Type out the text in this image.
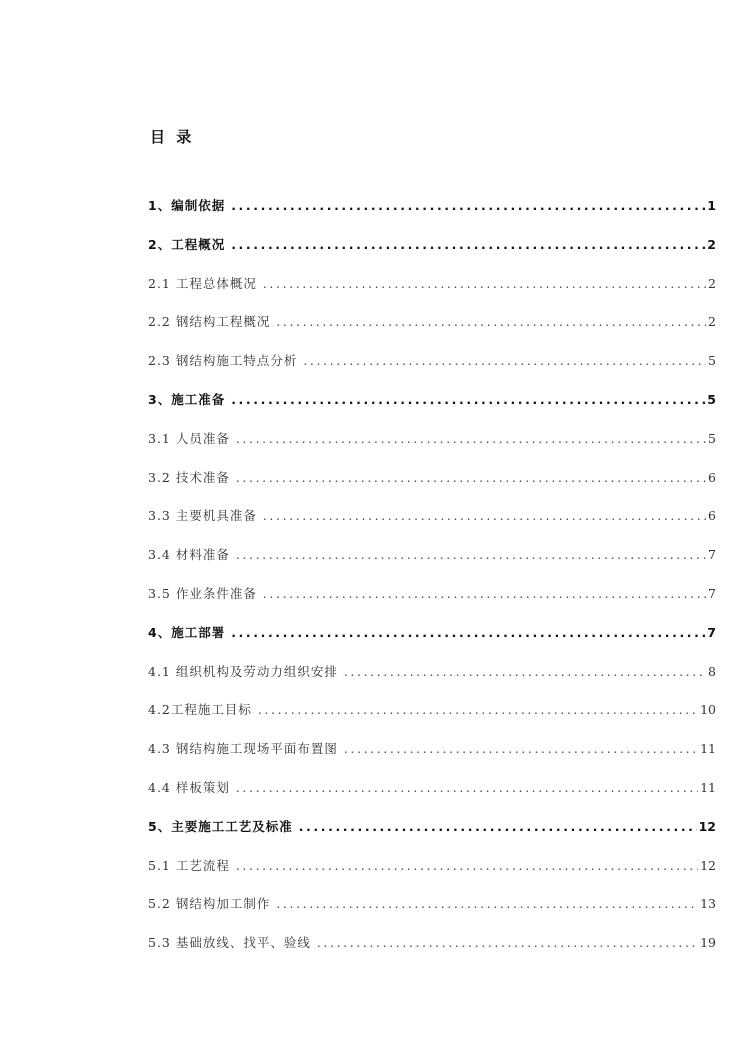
目 录
1、编制依据 .....	1
2、工程概况 .....	2
2.1 工程总体概况 .....	2
2.2 钢结构工程概况 .....	2
2.3 钢结构施工特点分析 .....	5
3、施工准备 .....	5
3.1 人员准备 .....	5
3.2 技术准备 .....	6
3.3 主要机具准备 .....	6
3.4 材料准备 .....	7
3.5 作业条件准备 .....	7
4、施工部署 .....	7
4.1 组织机构及劳动力组织安排 .....	8
4.2工程施工目标 .....	10
4.3 钢结构施工现场平面布置图 .....	11
4.4 样板策划 .....	11
5、主要施工工艺及标准 .....	12
5.1 工艺流程 .....	12
5.2 钢结构加工制作 .....	13
5.3 基础放线、找平、验线 .....	19
